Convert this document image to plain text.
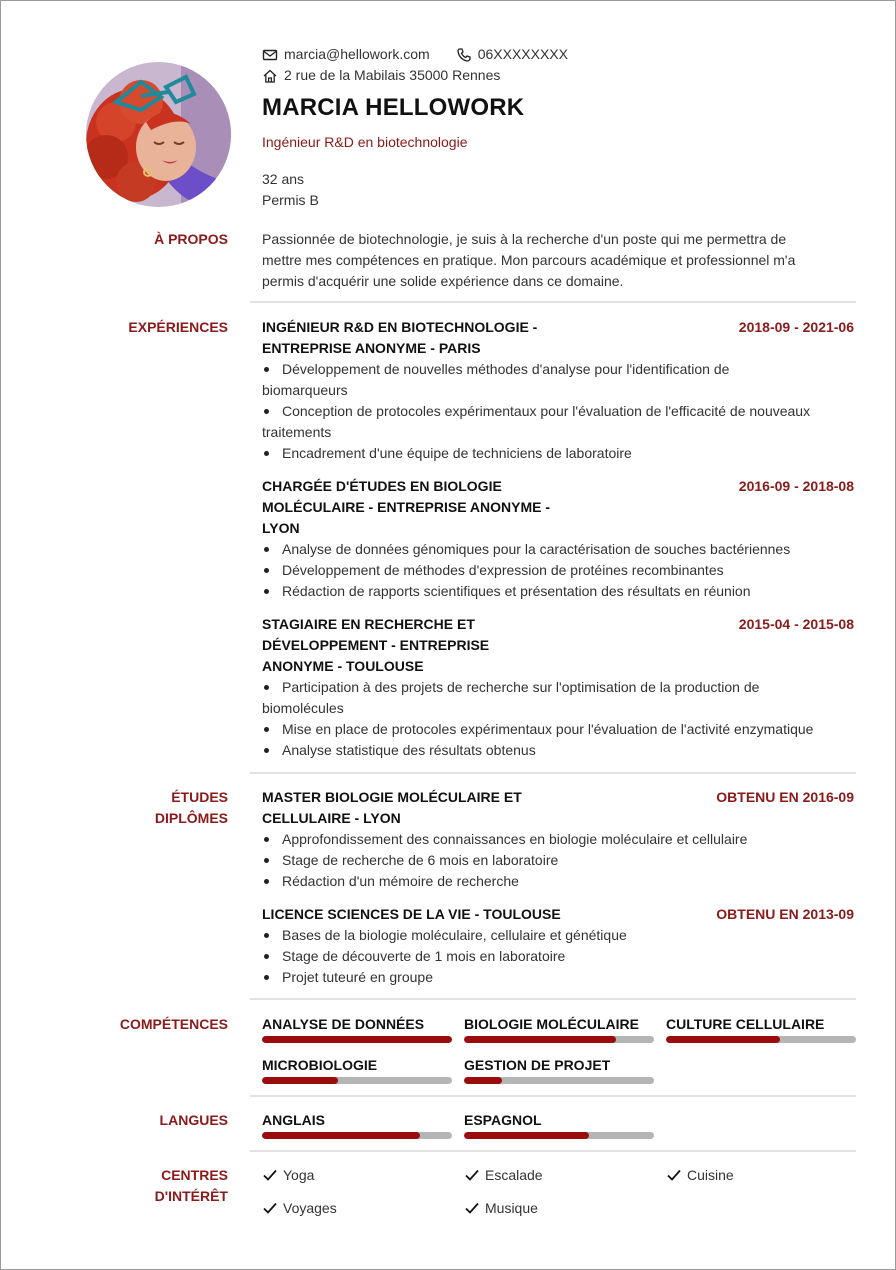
marcia@hellowork.com	06XXXXXXXX
2 rue de la Mabilais 35000 Rennes
MARCIA HELLOWORK
Ingénieur R&D en biotechnologie
32 ans
Permis B
À PROPOS Passionnée de biotechnologie, je suis à la recherche d'un poste qui me permettra de
mettre mes compétences en pratique. Mon parcours académique et professionnel m'a
permis d'acquérir une solide expérience dans ce domaine.
EXPÉRIENCES INGÉNIEUR R&D EN BIOTECHNOLOGIE -
ENTREPRISE ANONYME - PARIS
2018-09 - 2021-06
Développement de nouvelles méthodes d'analyse pour l'identification de
biomarqueurs
Conception de protocoles expérimentaux pour l'évaluation de l'efficacité de nouveaux
traitements
Encadrement d'une équipe de techniciens de laboratoire
CHARGÉE D'ÉTUDES EN BIOLOGIE
MOLÉCULAIRE - ENTREPRISE ANONYME -
LYON
2016-09 - 2018-08
Analyse de données génomiques pour la caractérisation de souches bactériennes
Développement de méthodes d'expression de protéines recombinantes
Rédaction de rapports scientifiques et présentation des résultats en réunion
STAGIAIRE EN RECHERCHE ET
DÉVELOPPEMENT - ENTREPRISE
ANONYME - TOULOUSE
2015-04 - 2015-08
Participation à des projets de recherche sur l'optimisation de la production de
biomolécules
Mise en place de protocoles expérimentaux pour l'évaluation de l'activité enzymatique
Analyse statistique des résultats obtenus
ÉTUDES
DIPLÔMES
MASTER BIOLOGIE MOLÉCULAIRE ET
CELLULAIRE - LYON
OBTENU EN 2016-09
Approfondissement des connaissances en biologie moléculaire et cellulaire
Stage de recherche de 6 mois en laboratoire
Rédaction d'un mémoire de recherche
LICENCE SCIENCES DE LA VIE - TOULOUSE	OBTENU EN 2013-09
Bases de la biologie moléculaire, cellulaire et génétique
Stage de découverte de 1 mois en laboratoire
Projet tuteuré en groupe
COMPÉTENCES ANALYSE DE DONNÉES	BIOLOGIE MOLÉCULAIRE	CULTURE CELLULAIRE
MICROBIOLOGIE	GESTION DE PROJET
LANGUES ANGLAIS	ESPAGNOL
CENTRES
D'INTÉRÊT
Yoga	Escalade	Cuisine
Voyages	Musique
